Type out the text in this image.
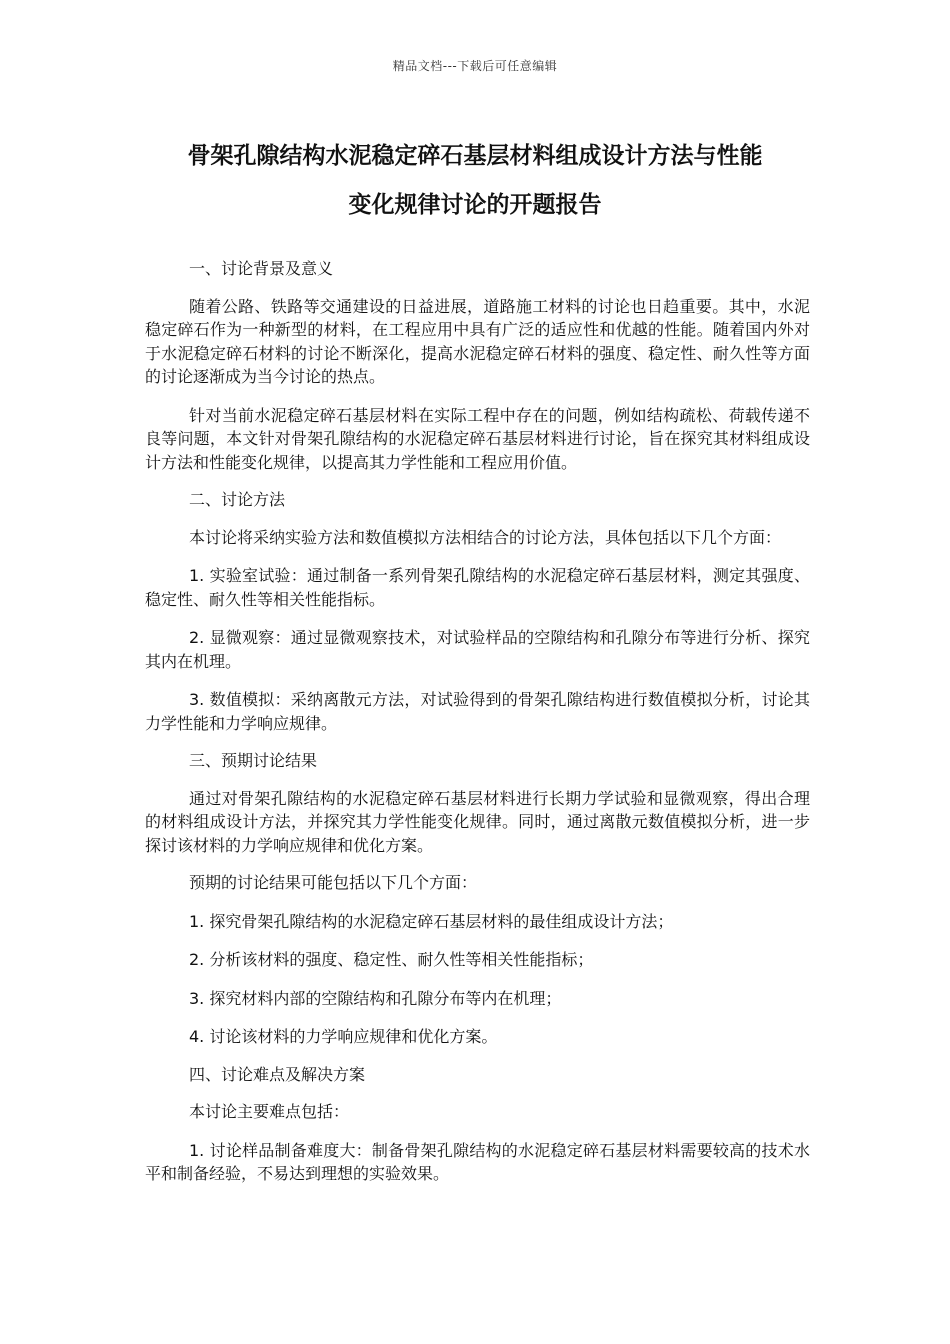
精品文档---下载后可任意编辑
骨架孔隙结构水泥稳定碎石基层材料组成设计方法与性能
变化规律讨论的开题报告

一、讨论背景及意义

随着公路、铁路等交通建设的日益进展，道路施工材料的讨论也日趋重要。其中，水泥稳定碎石作为一种新型的材料，在工程应用中具有广泛的适应性和优越的性能。随着国内外对于水泥稳定碎石材料的讨论不断深化，提高水泥稳定碎石材料的强度、稳定性、耐久性等方面的讨论逐渐成为当今讨论的热点。

针对当前水泥稳定碎石基层材料在实际工程中存在的问题，例如结构疏松、荷载传递不良等问题，本文针对骨架孔隙结构的水泥稳定碎石基层材料进行讨论，旨在探究其材料组成设计方法和性能变化规律，以提高其力学性能和工程应用价值。

二、讨论方法

本讨论将采纳实验方法和数值模拟方法相结合的讨论方法，具体包括以下几个方面：

1. 实验室试验：通过制备一系列骨架孔隙结构的水泥稳定碎石基层材料，测定其强度、稳定性、耐久性等相关性能指标。

2. 显微观察：通过显微观察技术，对试验样品的空隙结构和孔隙分布等进行分析、探究其内在机理。

3. 数值模拟：采纳离散元方法，对试验得到的骨架孔隙结构进行数值模拟分析，讨论其力学性能和力学响应规律。

三、预期讨论结果

通过对骨架孔隙结构的水泥稳定碎石基层材料进行长期力学试验和显微观察，得出合理的材料组成设计方法，并探究其力学性能变化规律。同时，通过离散元数值模拟分析，进一步探讨该材料的力学响应规律和优化方案。

预期的讨论结果可能包括以下几个方面：

1. 探究骨架孔隙结构的水泥稳定碎石基层材料的最佳组成设计方法；

2. 分析该材料的强度、稳定性、耐久性等相关性能指标；

3. 探究材料内部的空隙结构和孔隙分布等内在机理；

4. 讨论该材料的力学响应规律和优化方案。

四、讨论难点及解决方案

本讨论主要难点包括：

1. 讨论样品制备难度大：制备骨架孔隙结构的水泥稳定碎石基层材料需要较高的技术水平和制备经验，不易达到理想的实验效果。
